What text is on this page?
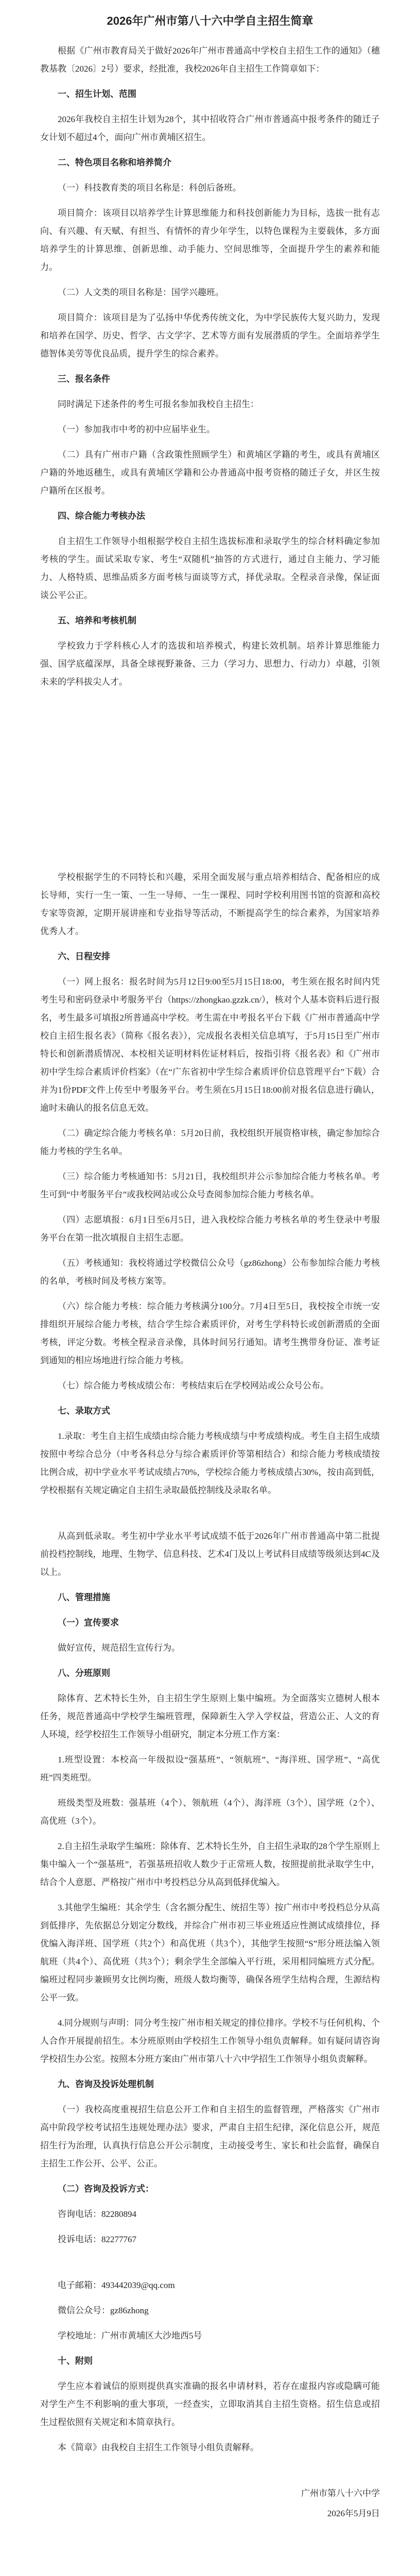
2026年广州市第八十六中学自主招生简章

根据《广州市教育局关于做好2026年广州市普通高中学校自主招生工作的通知》（穗教基教〔2026〕2号）要求，经批准，我校2026年自主招生工作简章如下：

一、招生计划、范围

2026年我校自主招生计划为28个，其中招收符合广州市普通高中报考条件的随迁子女计划不超过4个，面向广州市黄埔区招生。

二、特色项目名称和培养简介

（一）科技教育类的项目名称是：科创后备班。

项目简介：该项目以培养学生计算思维能力和科技创新能力为目标，选拔一批有志向、有兴趣、有天赋、有担当、有情怀的青少年学生，以特色课程为主要载体，多方面培养学生的计算思维、创新思维、动手能力、空间思维等，全面提升学生的素养和能力。

（二）人文类的项目名称是：国学兴趣班。

项目简介：该项目是为了弘扬中华优秀传统文化，为中学民族传大复兴助力，发现和培养在国学、历史、哲学、古文学字、艺术等方面有发展潜质的学生。全面培养学生德智体美劳等优良品质，提升学生的综合素养。

三、报名条件

同时满足下述条件的考生可报名参加我校自主招生：

（一）参加我市中考的初中应届毕业生。

（二）具有广州市户籍（含政策性照顾学生）和黄埔区学籍的考生，或具有黄埔区户籍的外地返穗生，或具有黄埔区学籍和公办普通高中报考资格的随迁子女，并区生按户籍所在区报考。

四、综合能力考核办法

自主招生工作领导小组根据学校自主招生选拔标准和录取学生的综合材料确定参加考核的学生。面试采取专家、考生“双随机”抽答的方式进行，通过自主能力、学习能力、人格特质、思维品质多方面考核与面谈等方式，择优录取。全程录音录像，保证面谈公平公正。

五、培养和考核机制

学校致力于学科核心人才的选拔和培养模式，构建长效机制。培养计算思维能力强、国学底蕴深厚，具备全球视野兼备、三力（学习力、思想力、行动力）卓越，引领未来的学科拔尖人才。

学校根据学生的不同特长和兴趣，采用全面发展与重点培养相结合、配备相应的成长导师，实行一生一策、一生一导师、一生一课程、同时学校利用图书馆的资源和高校专家等资源，定期开展讲座和专业指导等活动，不断提高学生的综合素养，为国家培养优秀人才。

六、日程安排

（一）网上报名：报名时间为5月12日9:00至5月15日18:00，考生须在报名时间内凭考生号和密码登录中考服务平台（https://zhongkao.gzzk.cn/），核对个人基本资料后进行报名，考生最多可填报2所普通高中学校。考生需在中考报名平台下载《广州市普通高中学校自主招生报名表》（简称《报名表》），完成报名表相关信息填写，于5月15日至广州市特长和创新潜质情况、本校相关证明材料佐证材料后，按指引将《报名表》和《广州市初中学生综合素质评价档案》（在“广东省初中学生综合素质评价信息管理平台”下载）合并为1份PDF文件上传至中考服务平台。考生须在5月15日18:00前对报名信息进行确认，逾时未确认的报名信息无效。

（二）确定综合能力考核名单：5月20日前，我校组织开展资格审核，确定参加综合能力考核的学生名单。

（三）综合能力考核通知书：5月21日，我校组织并公示参加综合能力考核名单。考生可到“中考服务平台”或我校网站或公众号查阅参加综合能力考核名单。

（四）志愿填报：6月1日至6月5日，进入我校综合能力考核名单的考生登录中考服务平台在第一批次填报自主招生志愿。

（五）考核通知：我校将通过学校微信公众号（gz86zhong）公布参加综合能力考核的名单，考核时间及考核方案等。

（六）综合能力考核：综合能力考核满分100分。7月4日至5日，我校按全市统一安排组织开展综合能力考核，结合学生综合素质评价，对考生学科特长或创新潜质的全面考核，评定分数。考核全程录音录像，具体时间另行通知。请考生携带身份证、准考证到通知的相应场地进行综合能力考核。

（七）综合能力考核成绩公布：考核结束后在学校网站或公众号公布。

七、录取方式

1.录取：考生自主招生成绩由综合能力考核成绩与中考成绩构成。考生自主招生成绩按照中考综合总分（中考各科总分与综合素质评价等第相结合）和综合能力考核成绩按比例合成，初中学业水平考试成绩占70%，学校综合能力考核成绩占30%，按由高到低，学校根据有关规定确定自主招生录取最低控制线及录取名单。

从高到低录取。考生初中学业水平考试成绩不低于2026年广州市普通高中第二批提前投档控制线，地理、生物学、信息科技、艺术4门及以上考试科目成绩等级须达到4C及以上。

八、管理措施

（一）宣传要求

做好宣传，规范招生宣传行为。

八、分班原则

除体育、艺术特长生外，自主招生学生原则上集中编班。为全面落实立德树人根本任务，规范普通高中学校学生编班管理，保障新生入学入学权益，营造公正、人文的育人环境，经学校招生工作领导小组研究，制定本分班工作方案：

1.班型设置：本校高一年级拟设“强基班”、“领航班”、“海洋班、国学班”、“高优班”四类班型。

班级类型及班数：强基班（4个）、领航班（4个）、海洋班（3个）、国学班（2个）、高优班（3个）。

2.自主招生录取学生编班：除体育、艺术特长生外，自主招生录取的28个学生原则上集中编入一个“强基班”，若强基班招收人数少于正常班人数，按照提前批录取学生中，结合个人意愿、严格按广州市中考投档总分从高到低择优编入。

3.其他学生编班：其余学生（含名额分配生、统招生等）按广州市中考投档总分从高到低排序，先依据总分划定分数线，并综合广州市初三毕业班适应性测试成绩排位，择优编入海洋班、国学班（共2个）和高优班（共3个），其他学生按照“S”形分班法编入领航班（共4个）、高优班（共3个）；剩余学生全部编入平行班，采用相同编班方式分配。编班过程同步兼顾男女比例均衡，班级人数均衡等，确保各班学生结构合理，生源结构公平一致。

4.同分规则与声明：同分考生按广州市相关规定的排位排序。学校不与任何机构、个人合作开展提前招生。本分班原则由学校招生工作领导小组负责解释。如有疑问请咨询学校招生办公室。按照本分班方案由广州市第八十六中学招生工作领导小组负责解释。

九、咨询及投诉处理机制

（一）我校高度重视招生信息公开工作和自主招生的监督管理，严格落实《广州市高中阶段学校考试招生违规处理办法》要求，严肃自主招生纪律，深化信息公开，规范招生行为治理，认真执行信息公开公示制度，主动接受考生、家长和社会监督，确保自主招生工作公开、公平、公正。

（二）咨询及投诉方式：

咨询电话：82280894

投诉电话：82277767

电子邮箱：493442039@qq.com

微信公众号：gz86zhong

学校地址：广州市黄埔区大沙地西5号

十、附则

学生应本着诚信的原则提供真实准确的报名申请材料，若存在虚报内容或隐瞒可能对学生产生不利影响的重大事项，一经查实，立即取消其自主招生资格。招生信息或招生过程依照有关规定和本简章执行。

本《简章》由我校自主招生工作领导小组负责解释。

广州市第八十六中学

2026年5月9日
